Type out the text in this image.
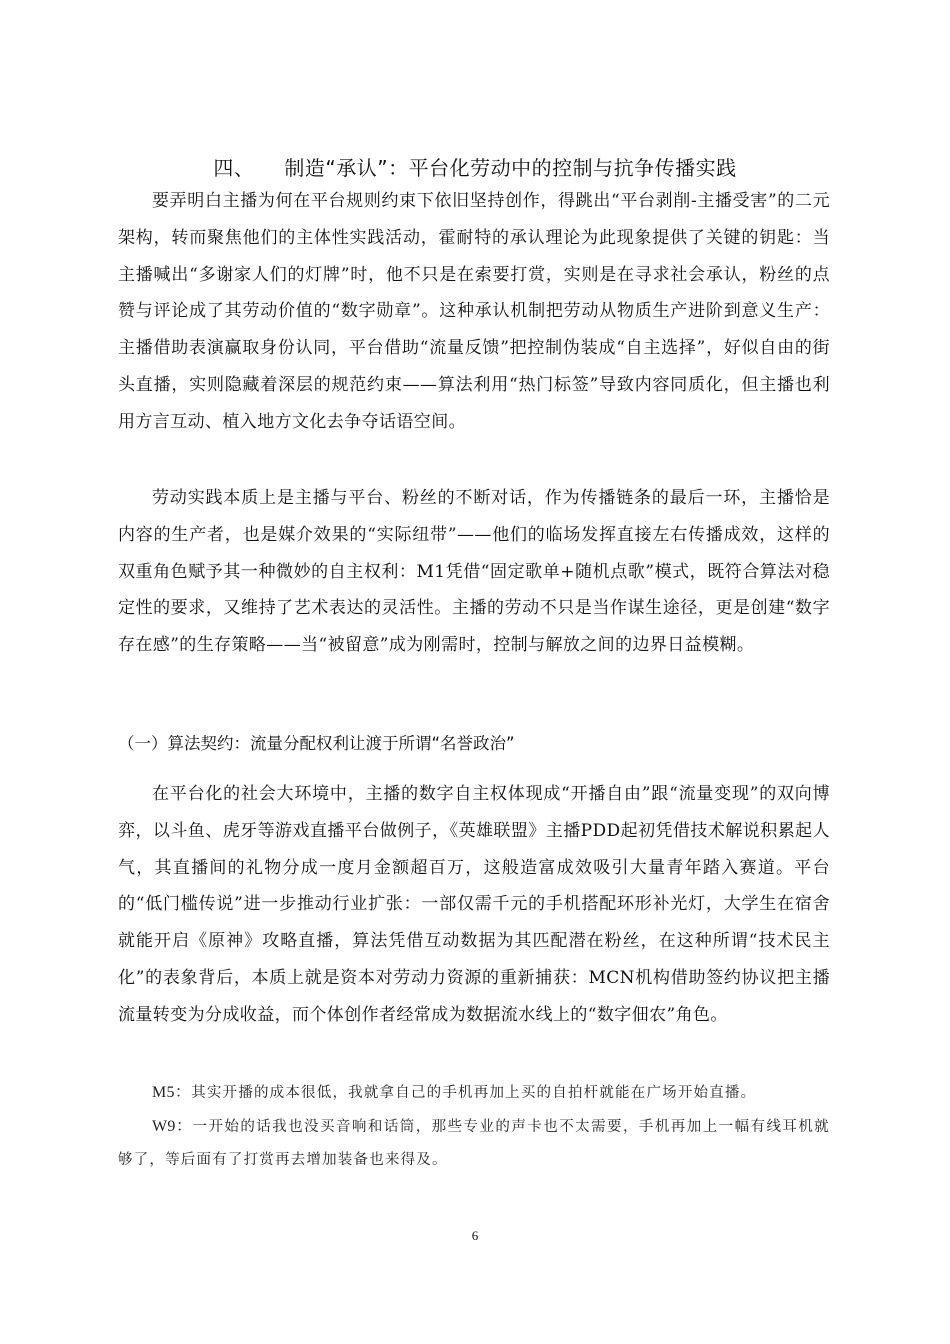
四、 制造“承认”：平台化劳动中的控制与抗争传播实践

要弄明白主播为何在平台规则约束下依旧坚持创作，得跳出“平台剥削-主播受害”的二元架构，转而聚焦他们的主体性实践活动，霍耐特的承认理论为此现象提供了关键的钥匙：当主播喊出“多谢家人们的灯牌”时，他不只是在索要打赏，实则是在寻求社会承认，粉丝的点赞与评论成了其劳动价值的“数字勋章”。这种承认机制把劳动从物质生产进阶到意义生产：主播借助表演赢取身份认同，平台借助“流量反馈”把控制伪装成“自主选择”，好似自由的街头直播，实则隐藏着深层的规范约束——算法利用“热门标签”导致内容同质化，但主播也利用方言互动、植入地方文化去争夺话语空间。

劳动实践本质上是主播与平台、粉丝的不断对话，作为传播链条的最后一环，主播恰是内容的生产者，也是媒介效果的“实际纽带”——他们的临场发挥直接左右传播成效，这样的双重角色赋予其一种微妙的自主权利：M1凭借“固定歌单+随机点歌”模式，既符合算法对稳定性的要求，又维持了艺术表达的灵活性。主播的劳动不只是当作谋生途径，更是创建“数字存在感”的生存策略——当“被留意”成为刚需时，控制与解放之间的边界日益模糊。

（一）算法契约：流量分配权利让渡于所谓“名誉政治”

在平台化的社会大环境中，主播的数字自主权体现成“开播自由”跟“流量变现”的双向博弈，以斗鱼、虎牙等游戏直播平台做例子，《英雄联盟》主播PDD起初凭借技术解说积累起人气，其直播间的礼物分成一度月金额超百万，这般造富成效吸引大量青年踏入赛道。平台的“低门槛传说”进一步推动行业扩张：一部仅需千元的手机搭配环形补光灯，大学生在宿舍就能开启《原神》攻略直播，算法凭借互动数据为其匹配潜在粉丝，在这种所谓“技术民主化”的表象背后，本质上就是资本对劳动力资源的重新捕获：MCN机构借助签约协议把主播流量转变为分成收益，而个体创作者经常成为数据流水线上的“数字佃农”角色。

M5：其实开播的成本很低，我就拿自己的手机再加上买的自拍杆就能在广场开始直播。

W9：一开始的话我也没买音响和话筒，那些专业的声卡也不太需要，手机再加上一幅有线耳机就够了，等后面有了打赏再去增加装备也来得及。

6
